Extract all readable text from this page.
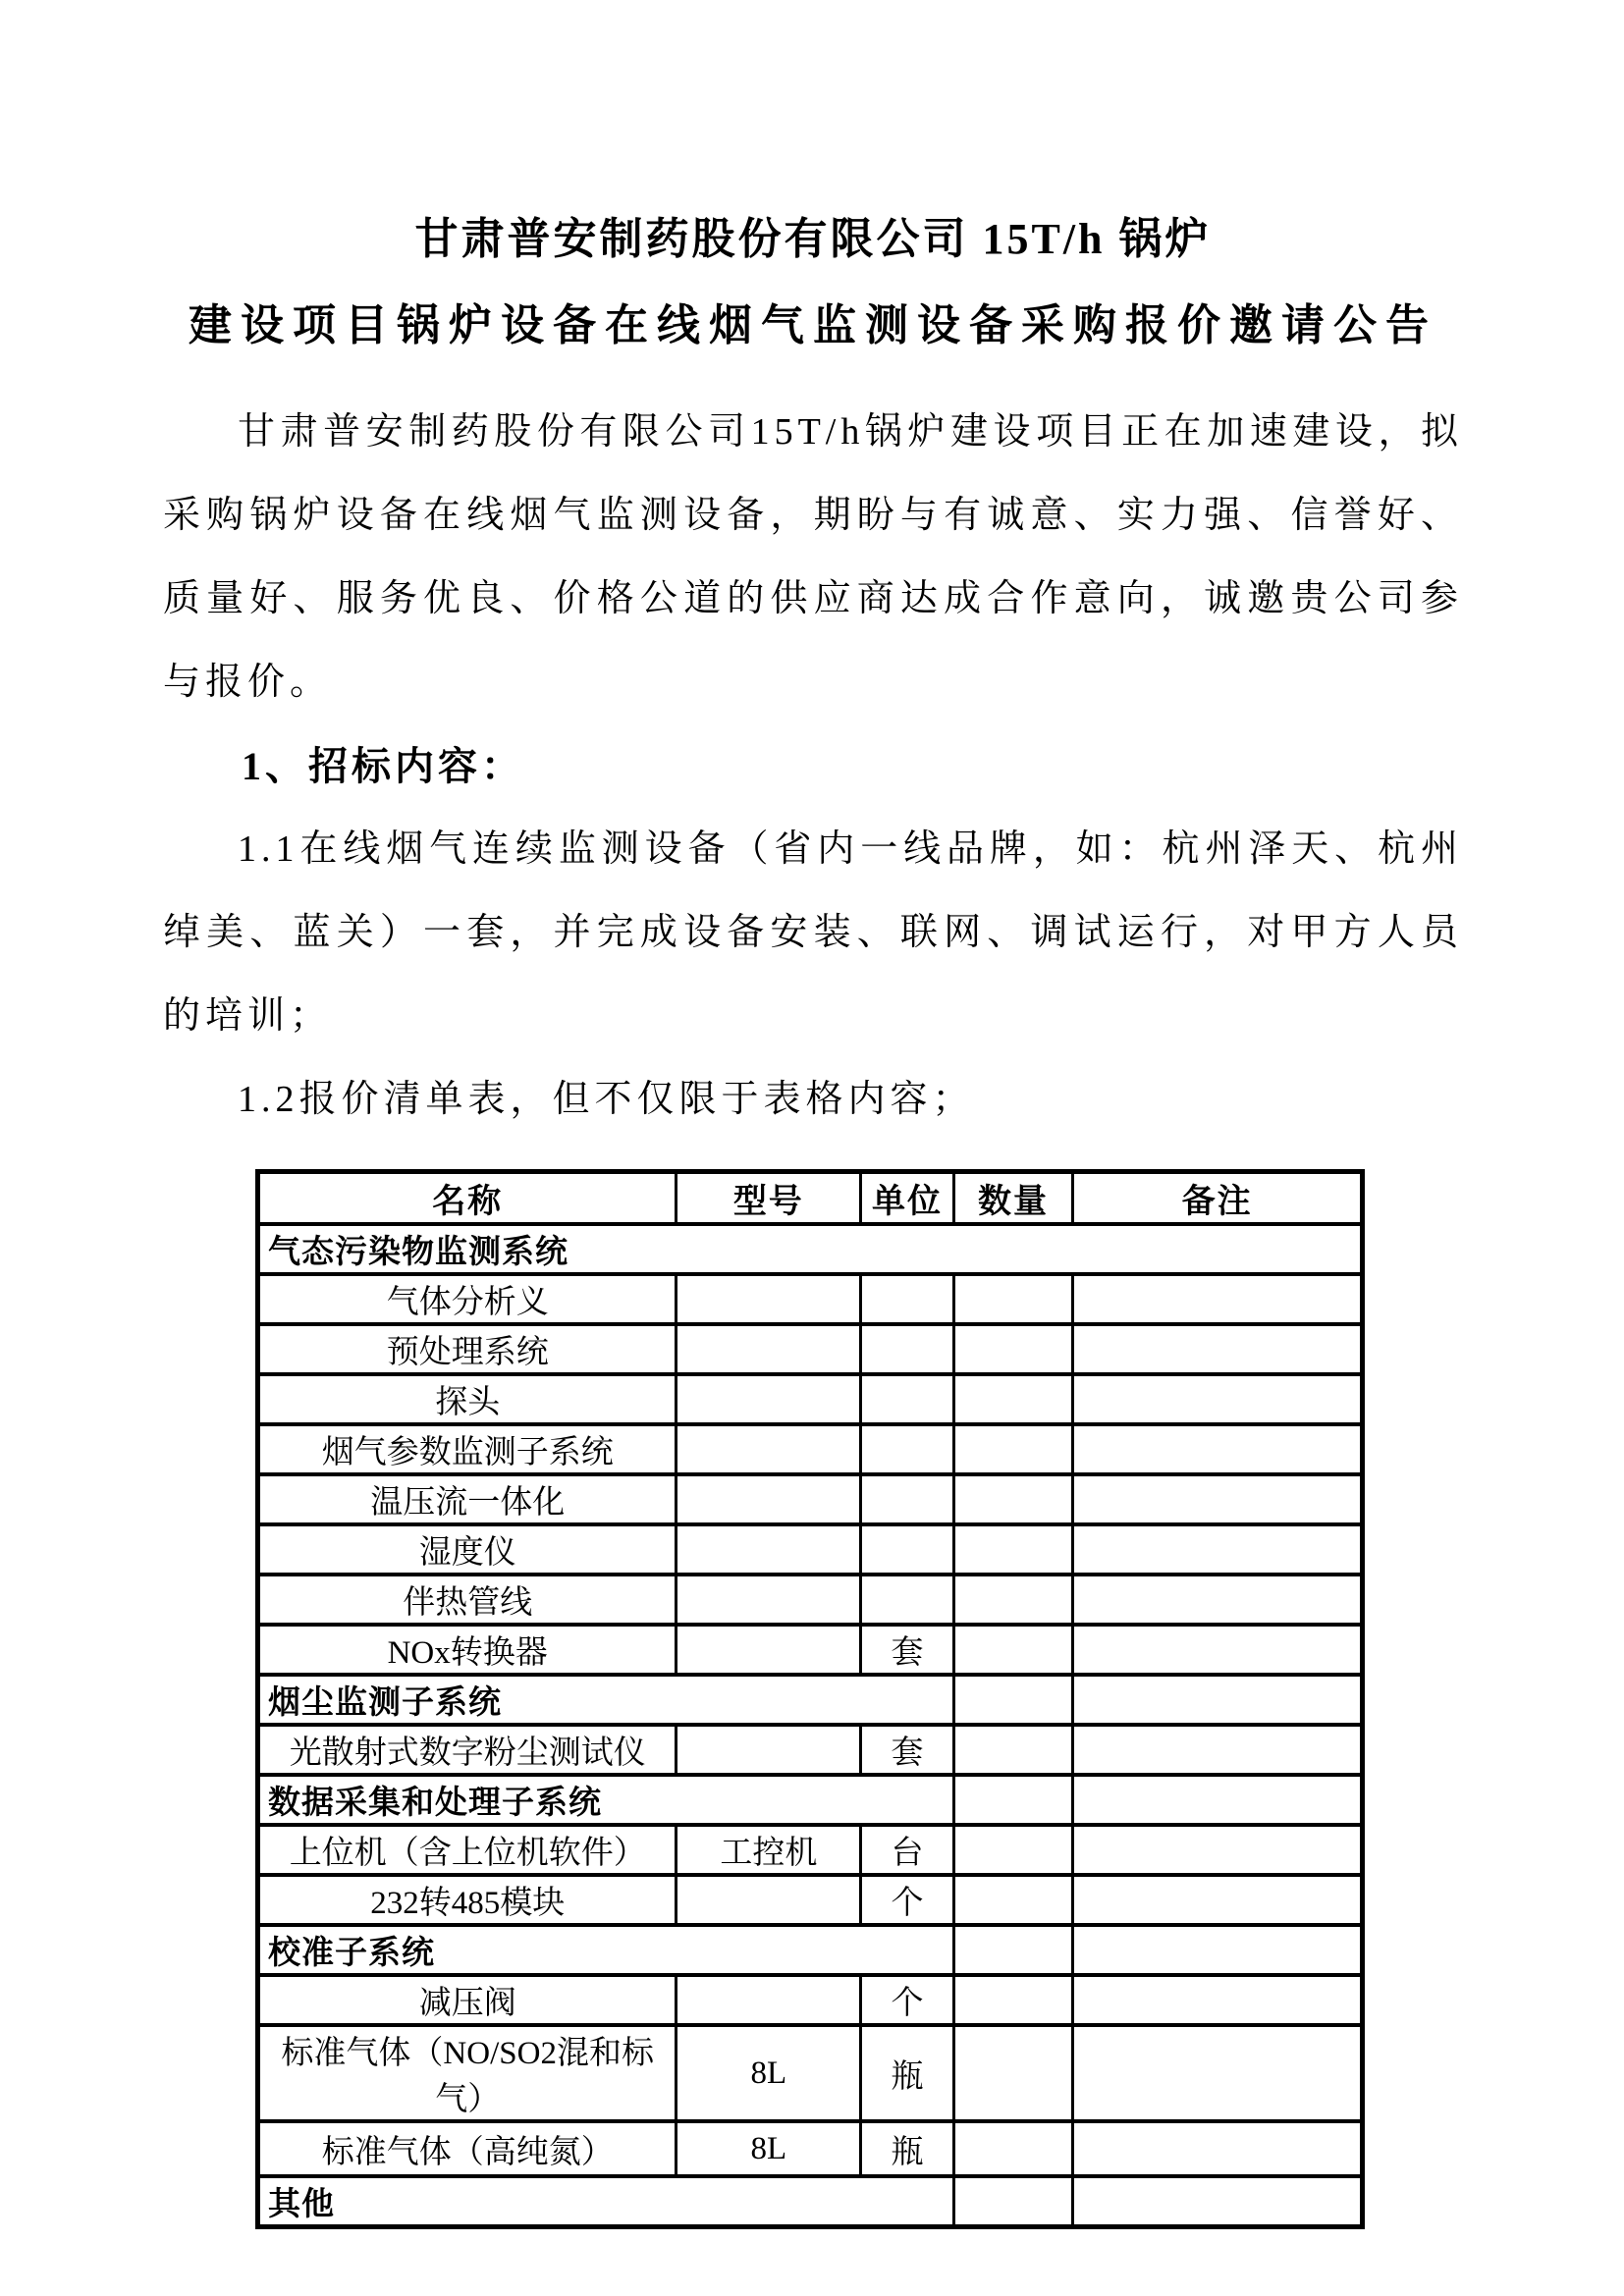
甘肃普安制药股份有限公司 15T/h 锅炉
建设项目锅炉设备在线烟气监测设备采购报价邀请公告

甘肃普安制药股份有限公司15T/h锅炉建设项目正在加速建设，拟采购锅炉设备在线烟气监测设备，期盼与有诚意、实力强、信誉好、质量好、服务优良、价格公道的供应商达成合作意向，诚邀贵公司参与报价。

1、招标内容：

1.1在线烟气连续监测设备（省内一线品牌，如：杭州泽天、杭州绰美、蓝关）一套，并完成设备安装、联网、调试运行，对甲方人员的培训；

1.2报价清单表，但不仅限于表格内容；

名称	型号	单位	数量	备注
气态污染物监测系统				
气体分析义				
预处理系统				
探头				
烟气参数监测子系统				
温压流一体化				
湿度仪				
伴热管线				
NOx转换器		套		
烟尘监测子系统				
光散射式数字粉尘测试仪		套		
数据采集和处理子系统				
上位机（含上位机软件）	工控机	台		
232转485模块		个		
校准子系统				
减压阀		个		
标准气体（NO/SO2混和标 气）	8L	瓶		
标准气体（高纯氮）	8L	瓶		
其他				
